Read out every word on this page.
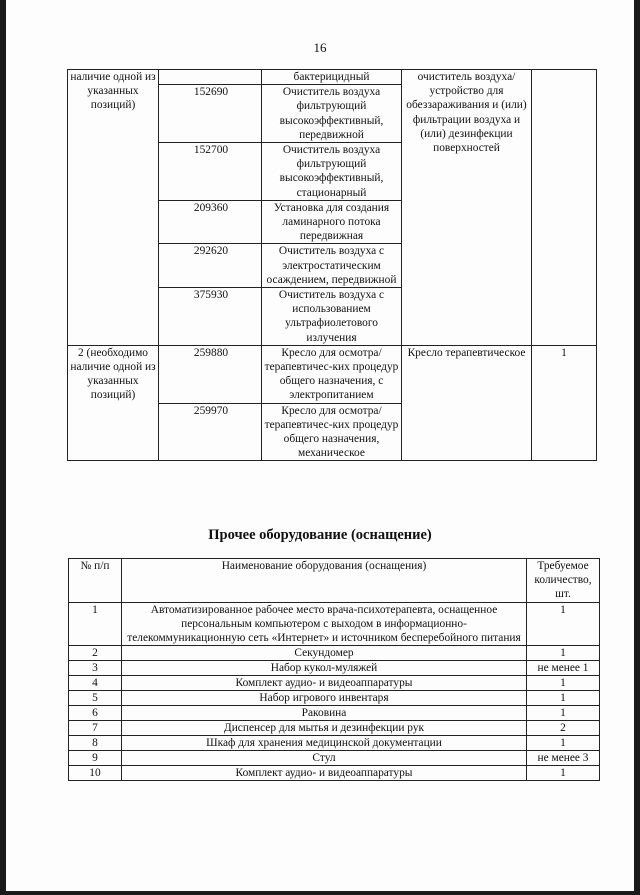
16
наличие одной из указанных позиций)		бактерицидный	очиститель воздуха/ устройство для обеззараживания и (или) фильтрации воздуха и (или) дезинфекции поверхностей	
	152690	Очиститель воздуха фильтрующий высокоэффективный, передвижной		
	152700	Очиститель воздуха фильтрующий высокоэффективный, стационарный		
	209360	Установка для создания ламинарного потока передвижная		
	292620	Очиститель воздуха с электростатическим осаждением, передвижной		
	375930	Очиститель воздуха с использованием ультрафиолетового излучения		
2 (необходимо наличие одной из указанных позиций)	259880	Кресло для осмотра/терапевтичес-ких процедур общего назначения, с электропитанием	Кресло терапевтическое	1
	259970	Кресло для осмотра/терапевтичес-ких процедур общего назначения, механическое		
Прочее оборудование (оснащение)
№ п/п	Наименование оборудования (оснащения)	Требуемое количество, шт.
1	Автоматизированное рабочее место врача-психотерапевта, оснащенное персональным компьютером с выходом в информационно-телекоммуникационную сеть «Интернет» и источником бесперебойного питания	1
2	Секундомер	1
3	Набор кукол-муляжей	не менее 1
4	Комплект аудио- и видеоаппаратуры	1
5	Набор игрового инвентаря	1
6	Раковина	1
7	Диспенсер для мытья и дезинфекции рук	2
8	Шкаф для хранения медицинской документации	1
9	Стул	не менее 3
10	Комплект аудио- и видеоаппаратуры	1
